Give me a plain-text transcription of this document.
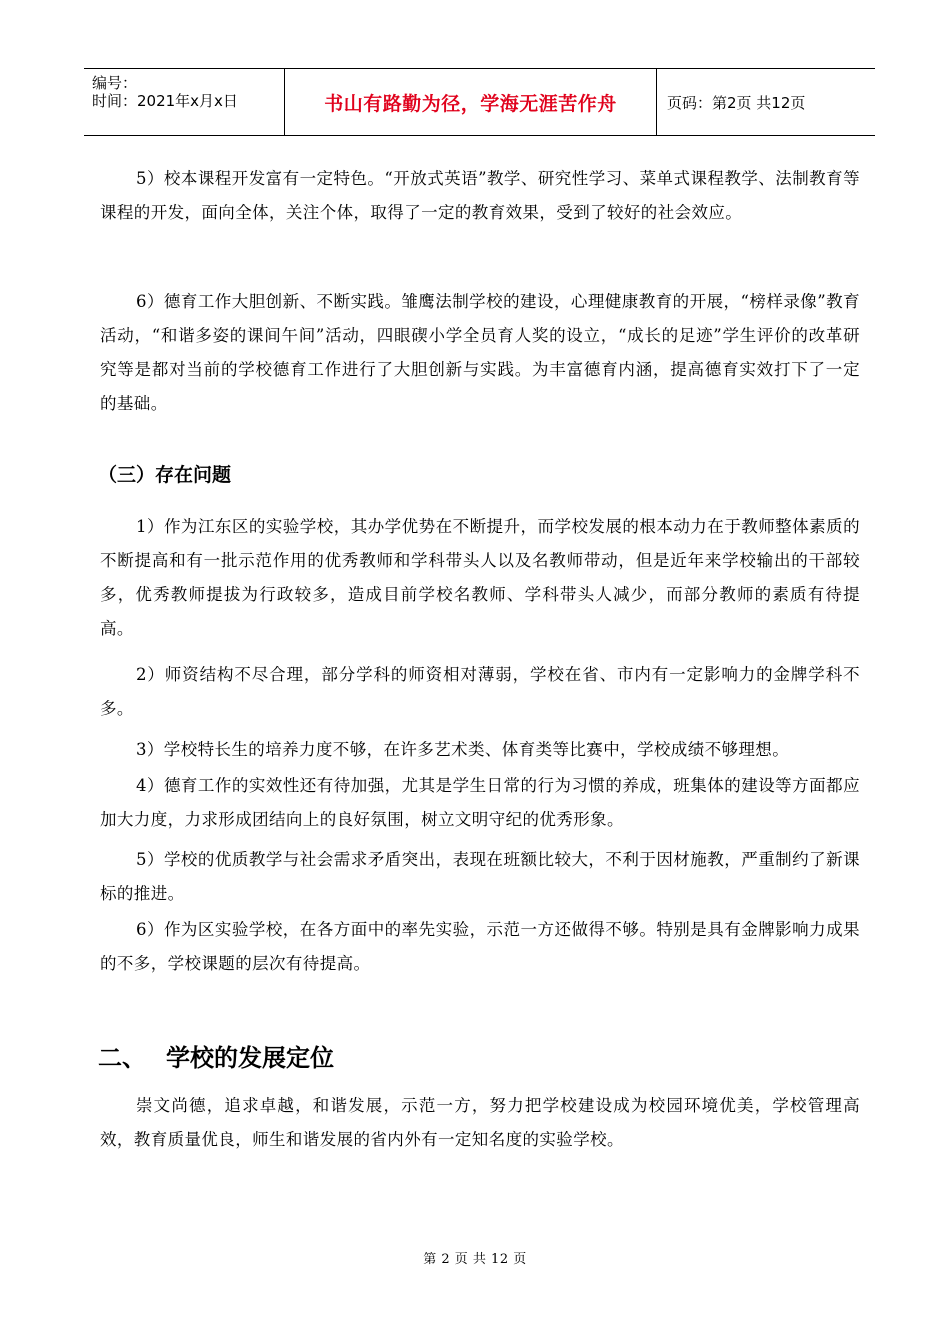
编号：
时间：2021年x月x日	书山有路勤为径，学海无涯苦作舟	页码：第2页 共12页

5）校本课程开发富有一定特色。“开放式英语”教学、研究性学习、菜单式课程教学、法制教育等课程的开发，面向全体，关注个体，取得了一定的教育效果，受到了较好的社会效应。

6）德育工作大胆创新、不断实践。雏鹰法制学校的建设，心理健康教育的开展，“榜样录像”教育活动，“和谐多姿的课间午间”活动，四眼碶小学全员育人奖的设立，“成长的足迹”学生评价的改革研究等是都对当前的学校德育工作进行了大胆创新与实践。为丰富德育内涵，提高德育实效打下了一定的基础。

（三）存在问题

1）作为江东区的实验学校，其办学优势在不断提升，而学校发展的根本动力在于教师整体素质的不断提高和有一批示范作用的优秀教师和学科带头人以及名教师带动，但是近年来学校输出的干部较多，优秀教师提拔为行政较多，造成目前学校名教师、学科带头人减少，而部分教师的素质有待提高。

2）师资结构不尽合理，部分学科的师资相对薄弱，学校在省、市内有一定影响力的金牌学科不多。

3）学校特长生的培养力度不够，在许多艺术类、体育类等比赛中，学校成绩不够理想。

4）德育工作的实效性还有待加强，尤其是学生日常的行为习惯的养成，班集体的建设等方面都应加大力度，力求形成团结向上的良好氛围，树立文明守纪的优秀形象。

5）学校的优质教学与社会需求矛盾突出，表现在班额比较大，不利于因材施教，严重制约了新课标的推进。

6）作为区实验学校，在各方面中的率先实验，示范一方还做得不够。特别是具有金牌影响力成果的不多，学校课题的层次有待提高。

二、 学校的发展定位

崇文尚德，追求卓越，和谐发展，示范一方，努力把学校建设成为校园环境优美，学校管理高效，教育质量优良，师生和谐发展的省内外有一定知名度的实验学校。

第 2 页 共 12 页
